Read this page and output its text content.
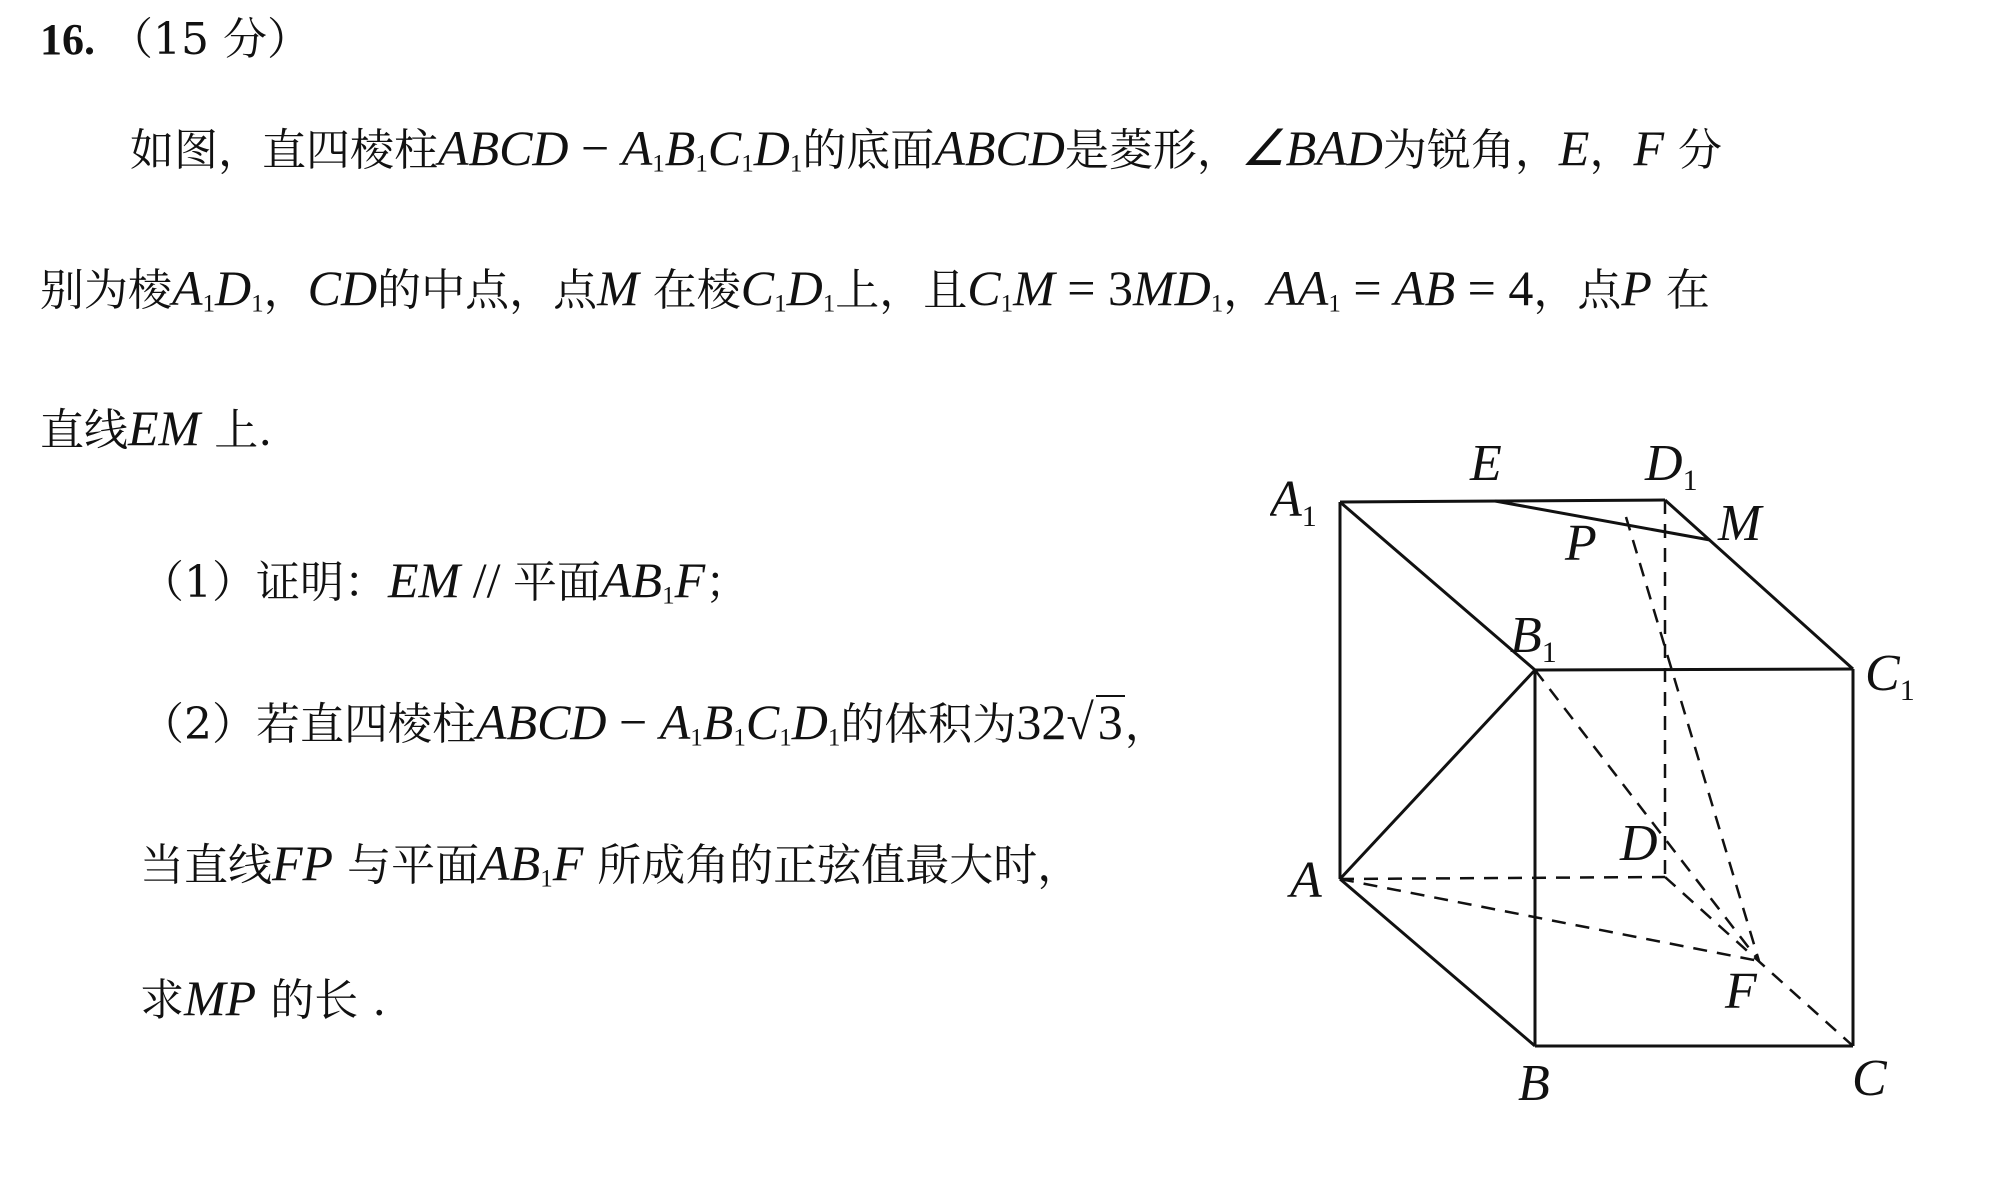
16. （15 分）
如图，直四棱柱ABCD − $A_1B_1C_1D_1$的底面ABCD是菱形，∠BAD为锐角，E，F 分
别为棱$A_1D_1$，CD的中点，点M 在棱$C_1D_1$上，且$C_1M = 3MD_1$，$AA_1$ = AB = 4，点P 在
直线EM 上.
（1）证明：EM // 平面$AB_1F$；
（2）若直四棱柱ABCD − $A_1B_1C_1D_1$的体积为32√3，
当直线FP 与平面$AB_1F$ 所成角的正弦值最大时，
求MP 的长 .
A1
E	D1
M
P
B1	C1
D
A
F
B	C
